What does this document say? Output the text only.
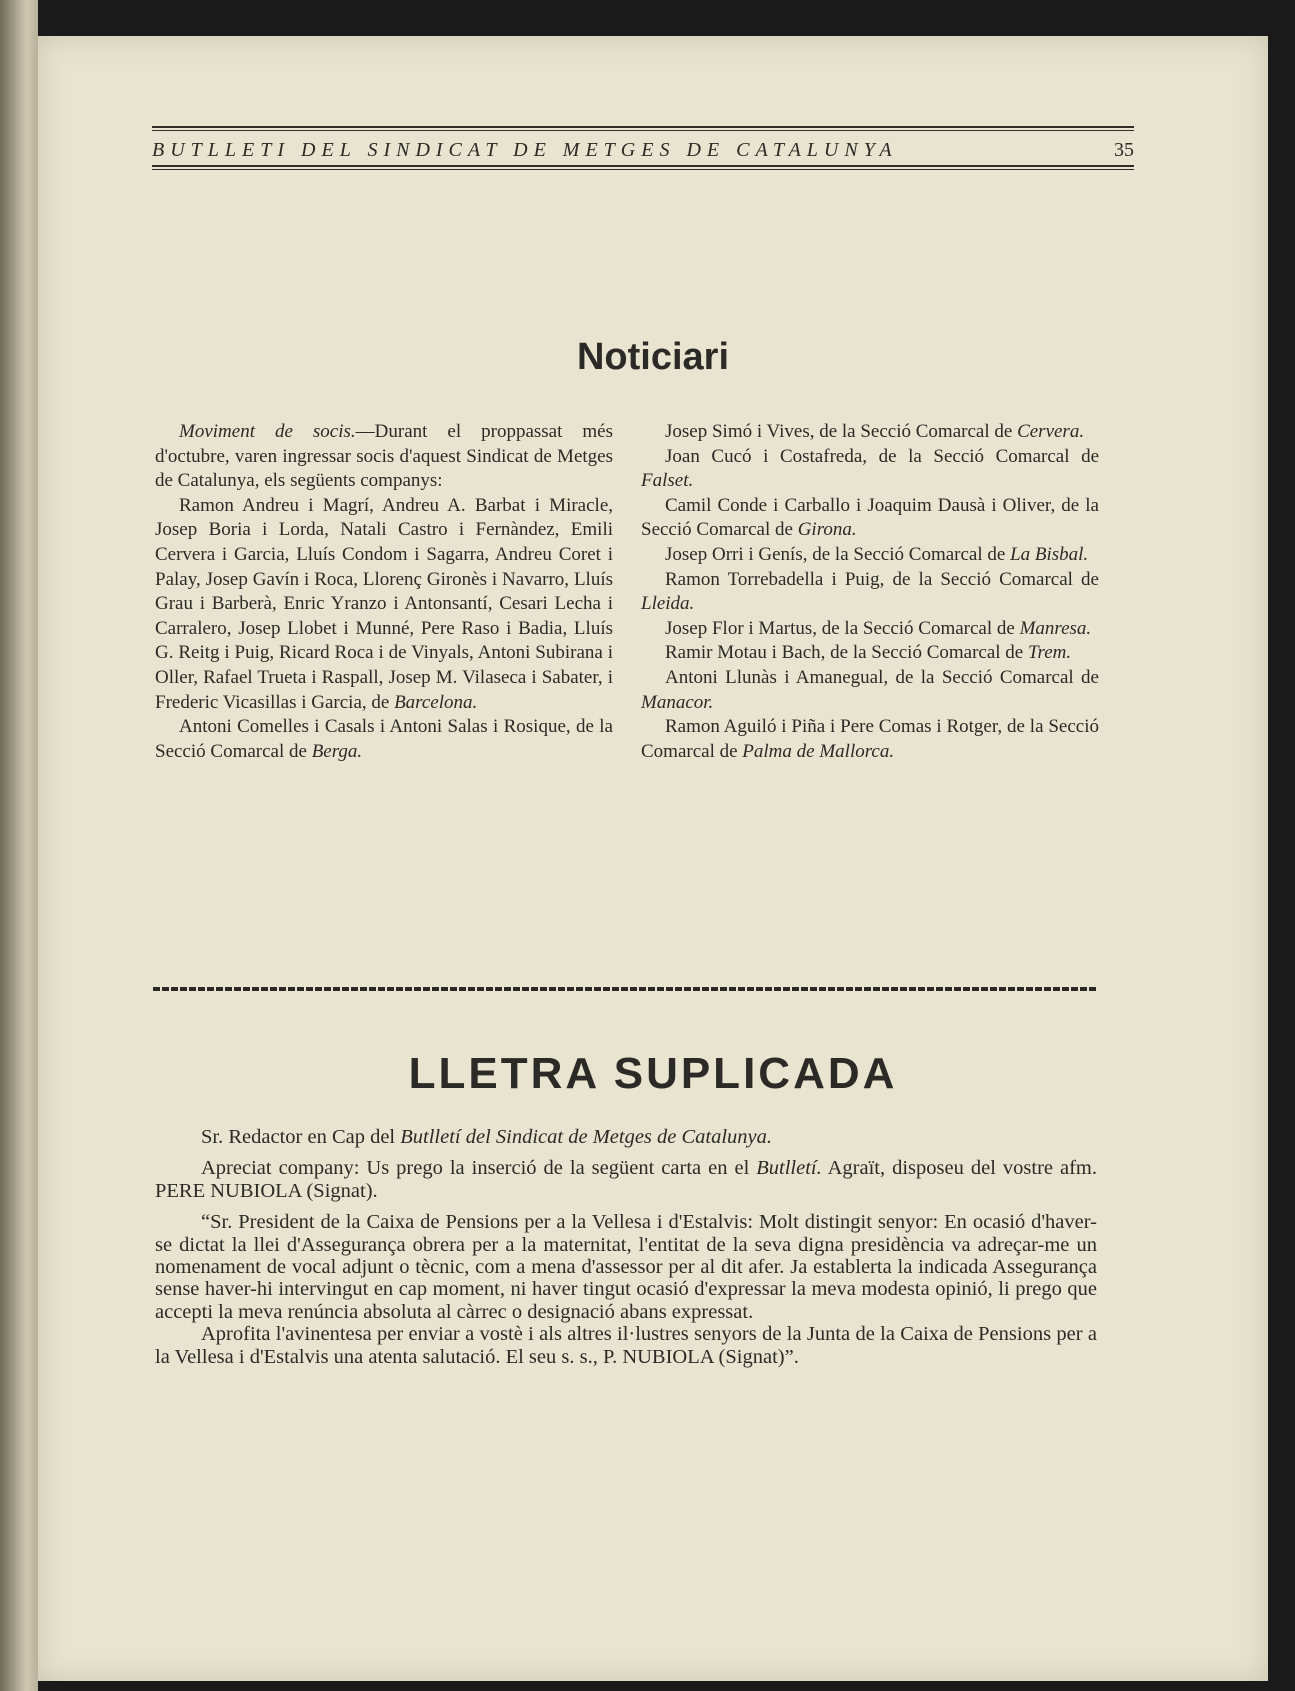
BUTLLETI DEL SINDICAT DE METGES DE CATALUNYA	35
Noticiari

Moviment de socis.—Durant el proppassat més d'octubre, varen ingressar socis d'aquest Sindicat de Metges de Catalunya, els següents companys:

Ramon Andreu i Magrí, Andreu A. Barbat i Miracle, Josep Boria i Lorda, Natali Castro i Fernàndez, Emili Cervera i Garcia, Lluís Condom i Sagarra, Andreu Coret i Palay, Josep Gavín i Roca, Llorenç Gironès i Navarro, Lluís Grau i Barberà, Enric Yranzo i Antonsantí, Cesari Lecha i Carralero, Josep Llobet i Munné, Pere Raso i Badia, Lluís G. Reitg i Puig, Ricard Roca i de Vinyals, Antoni Subirana i Oller, Rafael Trueta i Raspall, Josep M. Vilaseca i Sabater, i Frederic Vicasillas i Garcia, de Barcelona.

Antoni Comelles i Casals i Antoni Salas i Rosique, de la Secció Comarcal de Berga.

Josep Simó i Vives, de la Secció Comarcal de Cervera.

Joan Cucó i Costafreda, de la Secció Comarcal de Falset.

Camil Conde i Carballo i Joaquim Dausà i Oliver, de la Secció Comarcal de Girona.

Josep Orri i Genís, de la Secció Comarcal de La Bisbal.

Ramon Torrebadella i Puig, de la Secció Comarcal de Lleida.

Josep Flor i Martus, de la Secció Comarcal de Manresa.

Ramir Motau i Bach, de la Secció Comarcal de Trem.

Antoni Llunàs i Amanegual, de la Secció Comarcal de Manacor.

Ramon Aguiló i Piña i Pere Comas i Rotger, de la Secció Comarcal de Palma de Mallorca.

LLETRA SUPLICADA

Sr. Redactor en Cap del Butlletí del Sindicat de Metges de Catalunya.

Apreciat company: Us prego la inserció de la següent carta en el Butlletí. Agraït, disposeu del vostre afm. PERE NUBIOLA (Signat).

“Sr. President de la Caixa de Pensions per a la Vellesa i d'Estalvis: Molt distingit senyor: En ocasió d'haver-se dictat la llei d'Assegurança obrera per a la maternitat, l'entitat de la seva digna presidència va adreçar-me un nomenament de vocal adjunt o tècnic, com a mena d'assessor per al dit afer. Ja establerta la indicada Assegurança sense haver-hi intervingut en cap moment, ni haver tingut ocasió d'expressar la meva modesta opinió, li prego que accepti la meva renúncia absoluta al càrrec o designació abans expressat.

Aprofita l'avinentesa per enviar a vostè i als altres il·lustres senyors de la Junta de la Caixa de Pensions per a la Vellesa i d'Estalvis una atenta salutació. El seu s. s., P. NUBIOLA (Signat)”.
